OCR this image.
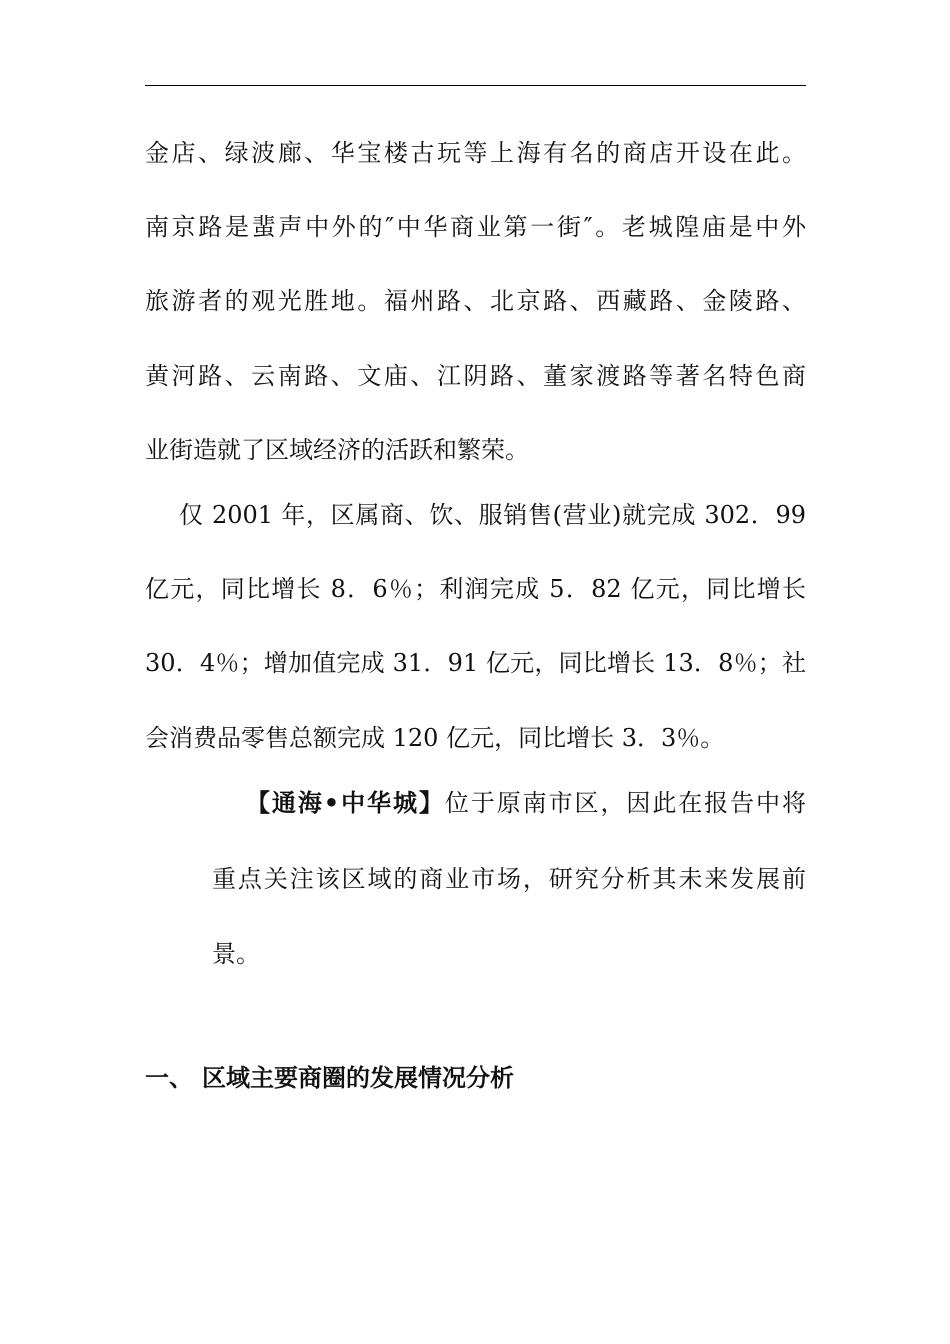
金店、绿波廊、华宝楼古玩等上海有名的商店开设在此。
南京路是蜚声中外的″中华商业第一街″。老城隍庙是中外
旅游者的观光胜地。福州路、北京路、西藏路、金陵路、
黄河路、云南路、文庙、江阴路、董家渡路等著名特色商
业街造就了区域经济的活跃和繁荣。
仅 2001 年，区属商、饮、服销售(营业)就完成 302．99
亿元，同比增长 8．6％；利润完成 5．82 亿元，同比增长
30．4％；增加值完成 31．91 亿元，同比增长 13．8％；社
会消费品零售总额完成 120 亿元，同比增长 3．3％。
【通海•中华城】位于原南市区，因此在报告中将
重点关注该区域的商业市场，研究分析其未来发展前
景。
一、 区域主要商圈的发展情况分析
